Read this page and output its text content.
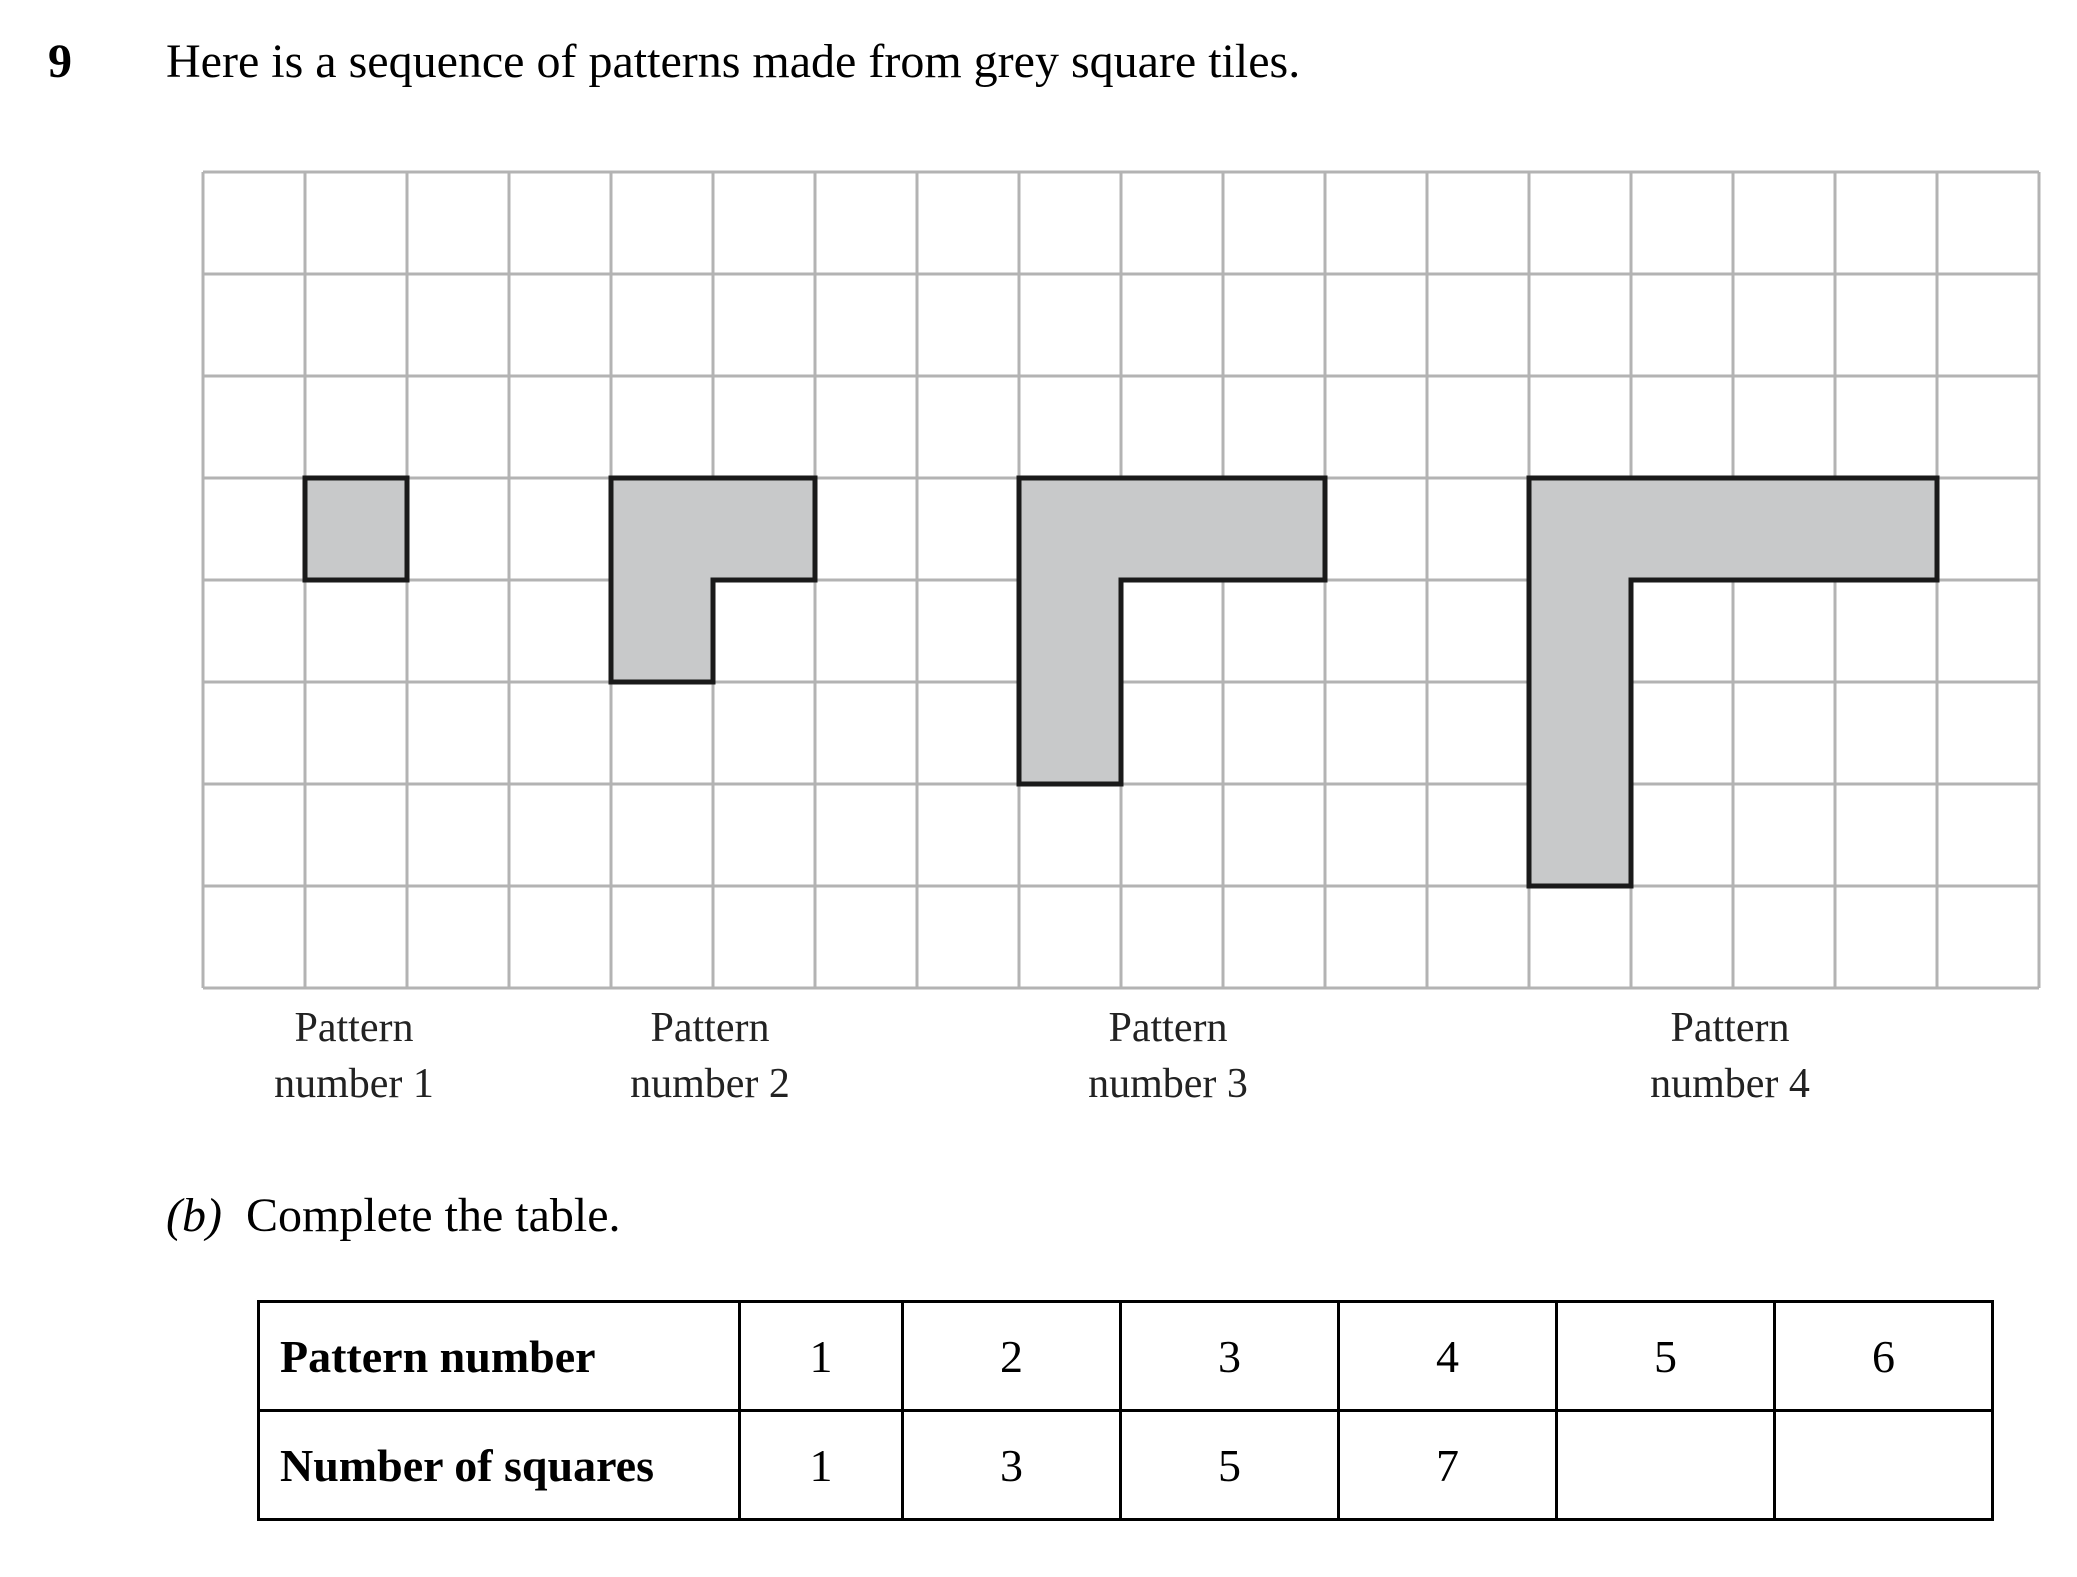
9 Here is a sequence of patterns made from grey square tiles.
Pattern
number 1
Pattern
number 2
Pattern
number 3
Pattern
number 4
(b) Complete the table.
Pattern number	1	2	3	4	5	6
Number of squares	1	3	5	7		
